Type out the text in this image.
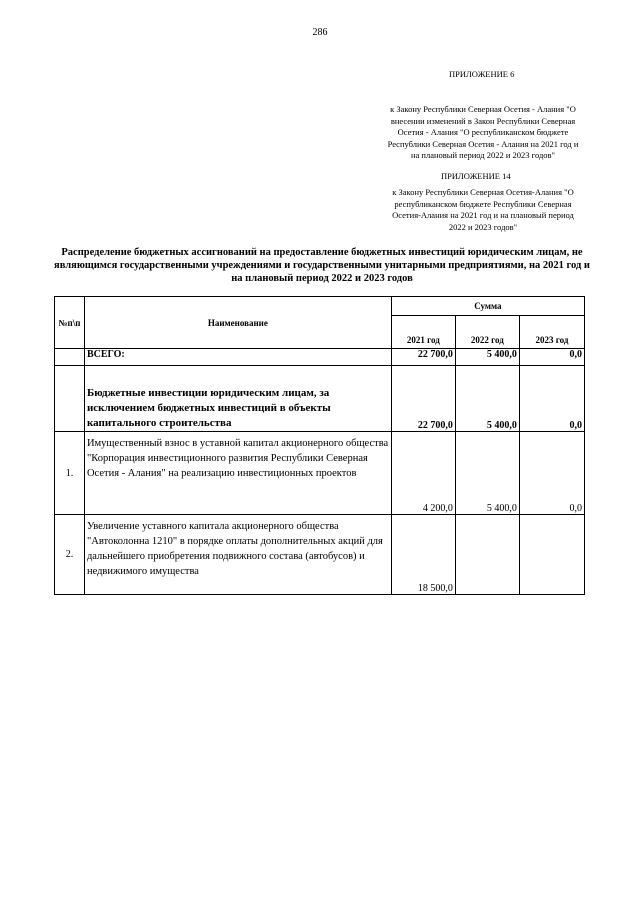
286
ПРИЛОЖЕНИЕ 6
к Закону Республики Северная Осетия - Алания "О внесении изменений в Закон Республики Северная Осетия - Алания "О республиканском бюджете Республики Северная Осетия - Алания на 2021 год и на плановый период 2022 и 2023 годов"
ПРИЛОЖЕНИЕ 14
к Закону Республики Северная Осетия-Алания "О республиканском бюджете Республики Северная Осетия-Алания на 2021 год и на плановый период 2022 и 2023 годов"
Распределение бюджетных ассигнований на предоставление бюджетных инвестиций юридическим лицам, не являющимся государственными учреждениями и государственными унитарными предприятиями, на 2021 год и на плановый период 2022 и 2023 годов
№п\п	Наименование	Сумма		
		2021 год	2022 год	2023 год
	ВСЕГО:	22 700,0	5 400,0	0,0
	Бюджетные инвестиции юридическим лицам, за исключением бюджетных инвестиций в объекты капитального строительства	22 700,0	5 400,0	0,0
1.	Имущественный взнос в уставной капитал акционерного общества "Корпорация инвестиционного развития Республики Северная Осетия - Алания" на реализацию инвестиционных проектов	4 200,0	5 400,0	0,0
2.	Увеличение уставного капитала акционерного общества "Автоколонна 1210" в порядке оплаты дополнительных акций для дальнейшего приобретения подвижного состава (автобусов) и недвижимого имущества	18 500,0		
